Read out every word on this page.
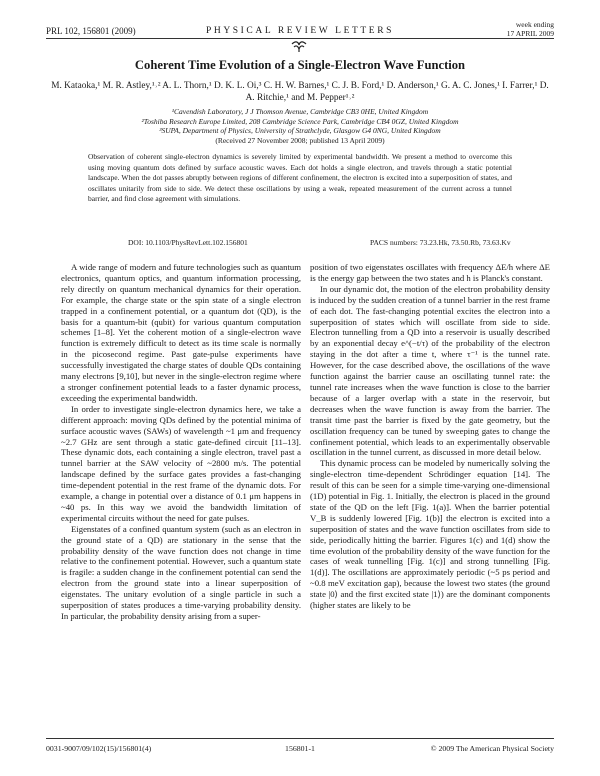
PRL 102, 156801 (2009)	PHYSICAL REVIEW LETTERS
week ending
17 APRIL 2009
Coherent Time Evolution of a Single-Electron Wave Function
M. Kataoka,¹ M. R. Astley,¹˒² A. L. Thorn,¹ D. K. L. Oi,³ C. H. W. Barnes,¹ C. J. B. Ford,¹ D. Anderson,¹ G. A. C. Jones,¹ I. Farrer,¹ D. A. Ritchie,¹ and M. Pepper¹˒²
¹Cavendish Laboratory, J J Thomson Avenue, Cambridge CB3 0HE, United Kingdom
²Toshiba Research Europe Limited, 208 Cambridge Science Park, Cambridge CB4 0GZ, United Kingdom
³SUPA, Department of Physics, University of Strathclyde, Glasgow G4 0NG, United Kingdom
(Received 27 November 2008; published 13 April 2009)
Observation of coherent single-electron dynamics is severely limited by experimental bandwidth. We present a method to overcome this using moving quantum dots defined by surface acoustic waves. Each dot holds a single electron, and travels through a static potential landscape. When the dot passes abruptly between regions of different confinement, the electron is excited into a superposition of states, and oscillates unitarily from side to side. We detect these oscillations by using a weak, repeated measurement of the current across a tunnel barrier, and find close agreement with simulations.
DOI: 10.1103/PhysRevLett.102.156801	PACS numbers: 73.23.Hk, 73.50.Rb, 73.63.Kv

A wide range of modern and future technologies such as quantum electronics, quantum optics, and quantum information processing, rely directly on quantum mechanical dynamics for their operation. For example, the charge state or the spin state of a single electron trapped in a confinement potential, or a quantum dot (QD), is the basis for a quantum-bit (qubit) for various quantum computation schemes [1–8]. Yet the coherent motion of a single-electron wave function is extremely difficult to detect as its time scale is normally in the picosecond regime. Past gate-pulse experiments have successfully investigated the charge states of double QDs containing many electrons [9,10], but never in the single-electron regime where a stronger confinement potential leads to a faster dynamic process, exceeding the experimental bandwidth.

In order to investigate single-electron dynamics here, we take a different approach: moving QDs defined by the potential minima of surface acoustic waves (SAWs) of wavelength ~1 μm and frequency ~2.7 GHz are sent through a static gate-defined circuit [11–13]. These dynamic dots, each containing a single electron, travel past a tunnel barrier at the SAW velocity of ~2800 m/s. The potential landscape defined by the surface gates provides a fast-changing time-dependent potential in the rest frame of the dynamic dots. For example, a change in potential over a distance of 0.1 μm happens in ~40 ps. In this way we avoid the bandwidth limitation of experimental circuits without the need for gate pulses.

Eigenstates of a confined quantum system (such as an electron in the ground state of a QD) are stationary in the sense that the probability density of the wave function does not change in time relative to the confinement potential. However, such a quantum state is fragile: a sudden change in the confinement potential can send the electron from the ground state into a linear superposition of eigenstates. The unitary evolution of a single particle in such a superposition of states produces a time-varying probability density. In particular, the probability density arising from a super-

position of two eigenstates oscillates with frequency ΔE/h where ΔE is the energy gap between the two states and h is Planck's constant.

In our dynamic dot, the motion of the electron probability density is induced by the sudden creation of a tunnel barrier in the rest frame of each dot. The fast-changing potential excites the electron into a superposition of states which will oscillate from side to side. Electron tunnelling from a QD into a reservoir is usually described by an exponential decay e^(−t/τ) of the probability of the electron staying in the dot after a time t, where τ⁻¹ is the tunnel rate. However, for the case described above, the oscillations of the wave function against the barrier cause an oscillating tunnel rate: the tunnel rate increases when the wave function is close to the barrier because of a larger overlap with a state in the reservoir, but decreases when the wave function is away from the barrier. The transit time past the barrier is fixed by the gate geometry, but the oscillation frequency can be tuned by sweeping gates to change the confinement potential, which leads to an experimentally observable oscillation in the tunnel current, as discussed in more detail below.

This dynamic process can be modeled by numerically solving the single-electron time-dependent Schrödinger equation [14]. The result of this can be seen for a simple time-varying one-dimensional (1D) potential in Fig. 1. Initially, the electron is placed in the ground state of the QD on the left [Fig. 1(a)]. When the barrier potential V_B is suddenly lowered [Fig. 1(b)] the electron is excited into a superposition of states and the wave function oscillates from side to side, periodically hitting the barrier. Figures 1(c) and 1(d) show the time evolution of the probability density of the wave function for the cases of weak tunnelling [Fig. 1(c)] and strong tunnelling [Fig. 1(d)]. The oscillations are approximately periodic (~5 ps period and ~0.8 meV excitation gap), because the lowest two states (the ground state |0⟩ and the first excited state |1⟩) are the dominant components (higher states are likely to be

0031-9007/09/102(15)/156801(4)	156801-1	© 2009 The American Physical Society
